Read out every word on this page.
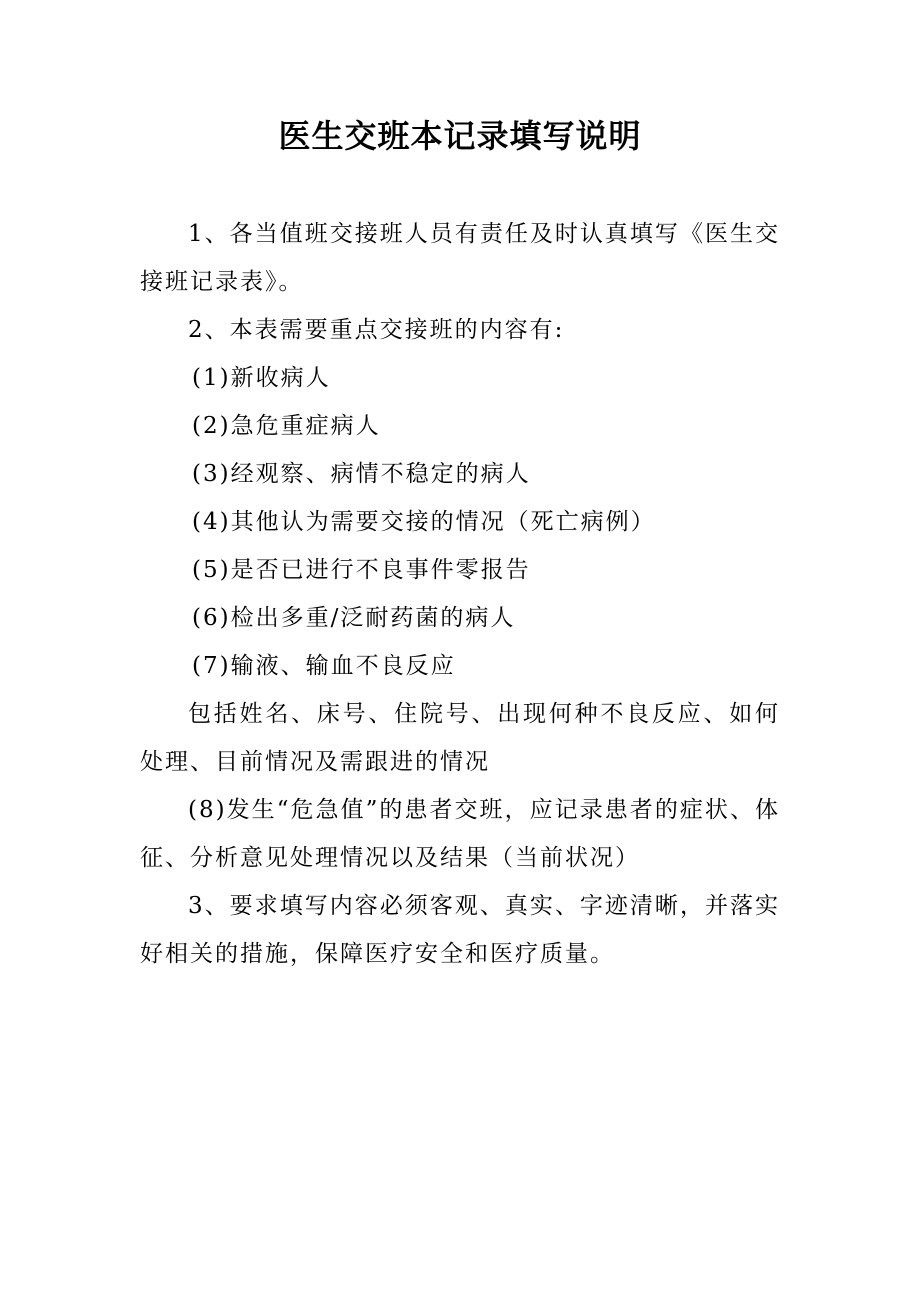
医生交班本记录填写说明

1、各当值班交接班人员有责任及时认真填写《医生交接班记录表》。

2、本表需要重点交接班的内容有:

(1)新收病人

(2)急危重症病人

(3)经观察、病情不稳定的病人

(4)其他认为需要交接的情况（死亡病例）

(5)是否已进行不良事件零报告

(6)检出多重/泛耐药菌的病人

(7)输液、输血不良反应

包括姓名、床号、住院号、出现何种不良反应、如何处理、目前情况及需跟进的情况

(8)发生“危急值”的患者交班，应记录患者的症状、体征、分析意见处理情况以及结果（当前状况）

3、要求填写内容必须客观、真实、字迹清晰，并落实好相关的措施，保障医疗安全和医疗质量。
